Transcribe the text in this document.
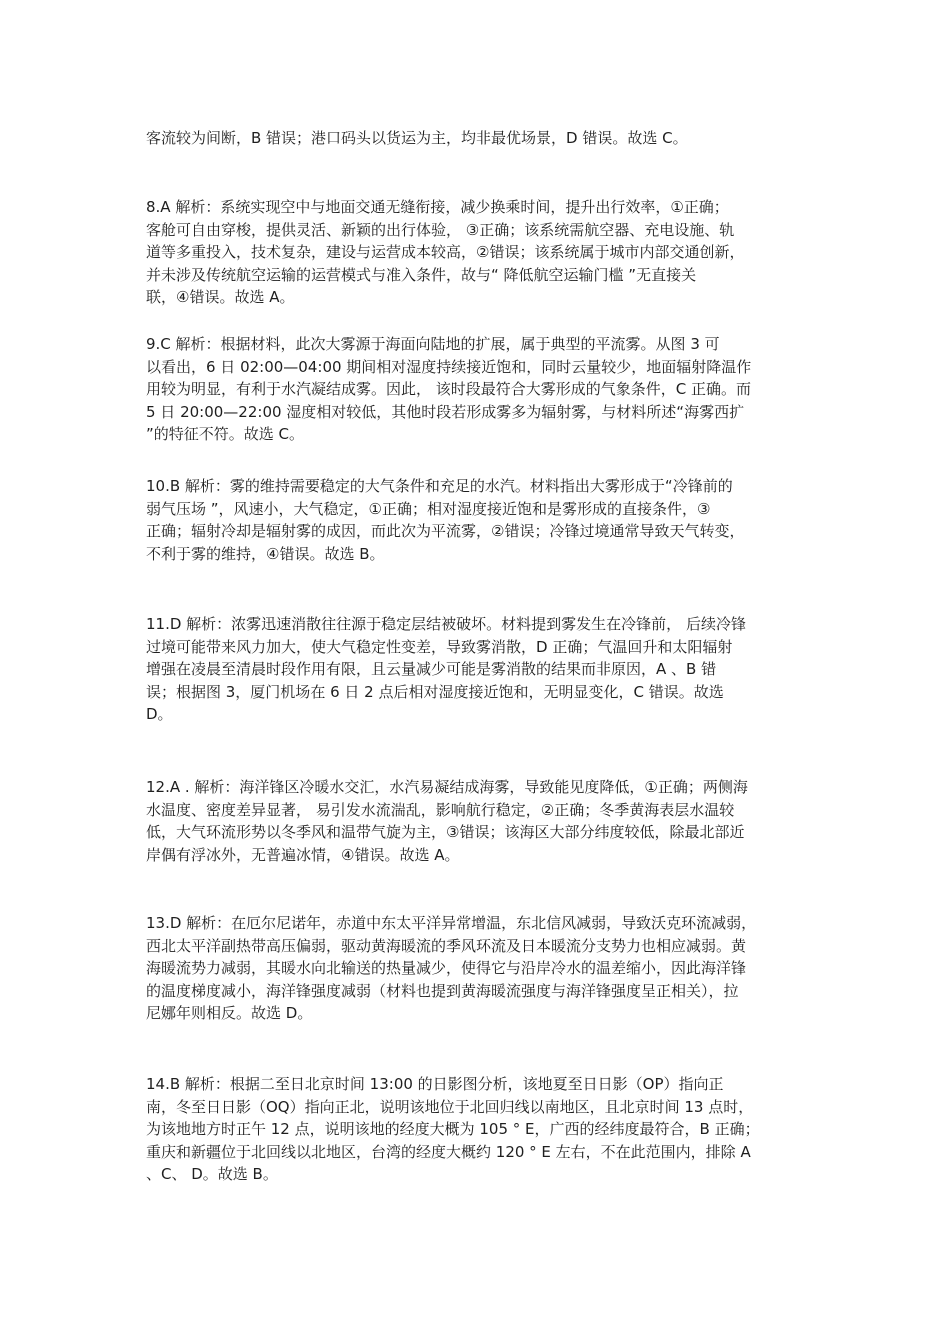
客流较为间断，B 错误；港口码头以货运为主，均非最优场景，D 错误。故选 C。
8.A 解析：系统实现空中与地面交通无缝衔接，减少换乘时间，提升出行效率，①正确；
客舱可自由穿梭，提供灵活、新颖的出行体验， ③正确；该系统需航空器、充电设施、轨
道等多重投入，技术复杂，建设与运营成本较高，②错误；该系统属于城市内部交通创新，
并未涉及传统航空运输的运营模式与准入条件，故与“ 降低航空运输门槛 ”无直接关
联，④错误。故选 A。
9.C 解析：根据材料，此次大雾源于海面向陆地的扩展，属于典型的平流雾。从图 3 可
以看出，6 日 02:00—04:00 期间相对湿度持续接近饱和，同时云量较少，地面辐射降温作
用较为明显，有利于水汽凝结成雾。因此， 该时段最符合大雾形成的气象条件，C 正确。而
5 日 20:00—22:00 湿度相对较低，其他时段若形成雾多为辐射雾，与材料所述“海雾西扩
”的特征不符。故选 C。
10.B 解析：雾的维持需要稳定的大气条件和充足的水汽。材料指出大雾形成于“冷锋前的
弱气压场 ”，风速小，大气稳定，①正确；相对湿度接近饱和是雾形成的直接条件，③
正确；辐射冷却是辐射雾的成因，而此次为平流雾，②错误；冷锋过境通常导致天气转变，
不利于雾的维持，④错误。故选 B。
11.D 解析：浓雾迅速消散往往源于稳定层结被破坏。材料提到雾发生在冷锋前， 后续冷锋
过境可能带来风力加大，使大气稳定性变差，导致雾消散，D 正确；气温回升和太阳辐射
增强在凌晨至清晨时段作用有限，且云量减少可能是雾消散的结果而非原因，A 、B 错
误；根据图 3，厦门机场在 6 日 2 点后相对湿度接近饱和，无明显变化，C 错误。故选
D。
12.A . 解析：海洋锋区冷暖水交汇，水汽易凝结成海雾，导致能见度降低，①正确；两侧海
水温度、密度差异显著， 易引发水流湍乱，影响航行稳定，②正确；冬季黄海表层水温较
低，大气环流形势以冬季风和温带气旋为主，③错误；该海区大部分纬度较低，除最北部近
岸偶有浮冰外，无普遍冰情，④错误。故选 A。
13.D 解析：在厄尔尼诺年，赤道中东太平洋异常增温，东北信风减弱，导致沃克环流减弱，
西北太平洋副热带高压偏弱，驱动黄海暖流的季风环流及日本暖流分支势力也相应减弱。黄
海暖流势力减弱，其暖水向北输送的热量减少，使得它与沿岸冷水的温差缩小，因此海洋锋
的温度梯度减小，海洋锋强度减弱（材料也提到黄海暖流强度与海洋锋强度呈正相关），拉
尼娜年则相反。故选 D。
14.B 解析：根据二至日北京时间 13:00 的日影图分析，该地夏至日日影（OP）指向正
南，冬至日日影（OQ）指向正北，说明该地位于北回归线以南地区，且北京时间 13 点时，
为该地地方时正午 12 点，说明该地的经度大概为 105 ° E，广西的经纬度最符合，B 正确；
重庆和新疆位于北回线以北地区，台湾的经度大概约 120 ° E 左右，不在此范围内，排除 A
、C、 D。故选 B。
